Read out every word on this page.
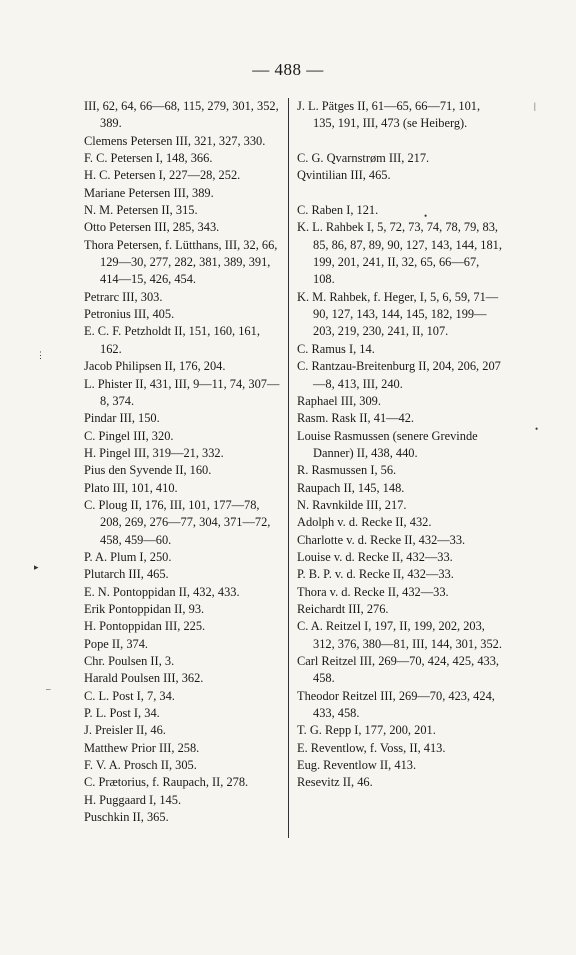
— 488 —
III, 62, 64, 66—68, 115, 279, 301, 352, 389.
Clemens Petersen III, 321, 327, 330.
F. C. Petersen I, 148, 366.
H. C. Petersen I, 227—28, 252.
Mariane Petersen III, 389.
N. M. Petersen II, 315.
Otto Petersen III, 285, 343.
Thora Petersen, f. Lütthans, III, 32, 66, 129—30, 277, 282, 381, 389, 391, 414—15, 426, 454.
Petrarc III, 303.
Petronius III, 405.
E. C. F. Petzholdt II, 151, 160, 161, 162.
Jacob Philipsen II, 176, 204.
L. Phister II, 431, III, 9—11, 74, 307—8, 374.
Pindar III, 150.
C. Pingel III, 320.
H. Pingel III, 319—21, 332.
Pius den Syvende II, 160.
Plato III, 101, 410.
C. Ploug II, 176, III, 101, 177—78, 208, 269, 276—77, 304, 371—72, 458, 459—60.
P. A. Plum I, 250.
Plutarch III, 465.
E. N. Pontoppidan II, 432, 433.
Erik Pontoppidan II, 93.
H. Pontoppidan III, 225.
Pope II, 374.
Chr. Poulsen II, 3.
Harald Poulsen III, 362.
C. L. Post I, 7, 34.
P. L. Post I, 34.
J. Preisler II, 46.
Matthew Prior III, 258.
F. V. A. Prosch II, 305.
C. Prætorius, f. Raupach, II, 278.
H. Puggaard I, 145.
Puschkin II, 365.
J. L. Pätges II, 61—65, 66—71, 101, 135, 191, III, 473 (se Heiberg).
C. G. Qvarnstrøm III, 217.
Qvintilian III, 465.
C. Raben I, 121.
K. L. Rahbek I, 5, 72, 73, 74, 78, 79, 83, 85, 86, 87, 89, 90, 127, 143, 144, 181, 199, 201, 241, II, 32, 65, 66—67, 108.
K. M. Rahbek, f. Heger, I, 5, 6, 59, 71—90, 127, 143, 144, 145, 182, 199—203, 219, 230, 241, II, 107.
C. Ramus I, 14.
C. Rantzau-Breitenburg II, 204, 206, 207—8, 413, III, 240.
Raphael III, 309.
Rasm. Rask II, 41—42.
Louise Rasmussen (senere Grevinde Danner) II, 438, 440.
R. Rasmussen I, 56.
Raupach II, 145, 148.
N. Ravnkilde III, 217.
Adolph v. d. Recke II, 432.
Charlotte v. d. Recke II, 432—33.
Louise v. d. Recke II, 432—33.
P. B. P. v. d. Recke II, 432—33.
Thora v. d. Recke II, 432—33.
Reichardt III, 276.
C. A. Reitzel I, 197, II, 199, 202, 203, 312, 376, 380—81, III, 144, 301, 352.
Carl Reitzel III, 269—70, 424, 425, 433, 458.
Theodor Reitzel III, 269—70, 423, 424, 433, 458.
T. G. Repp I, 177, 200, 201.
E. Reventlow, f. Voss, II, 413.
Eug. Reventlow II, 413.
Resevitz II, 46.
⋮
▸
–
•
•
|
